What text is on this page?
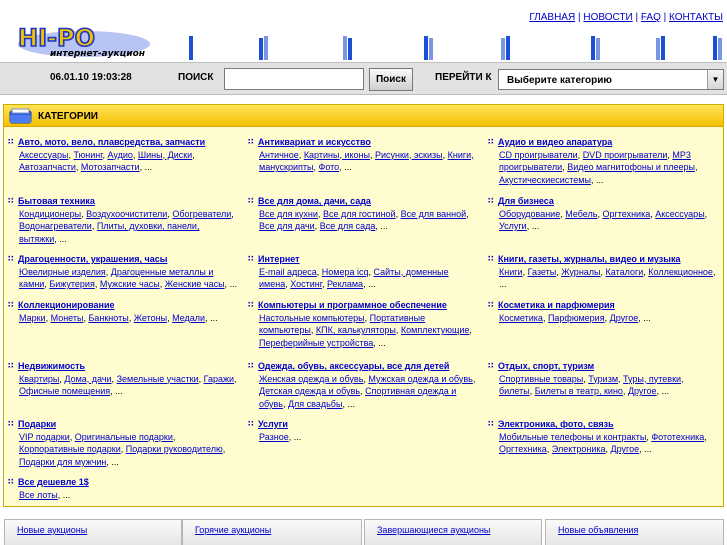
HI-PO
интернет-аукцион
ГЛАВНАЯ | НОВОСТИ | FAQ | КОНТАКТЫ
06.01.10 19:03:28	ПОИСК	Поиск	ПЕРЕЙТИ К Выберите категорию	▼
КАТЕГОРИИ
∷ Авто, мото, вело, плавсредства, запчасти
Аксессуары, Тюнинг, Аудио, Шины, Диски, Автозапчасти, Мотозапчасти, ...
∷ Антиквариат и искусство
Античное, Картины, иконы, Рисунки, эскизы, Книги, манускрипты, Фото, ...
∷ Аудио и видео апаратура
CD проигрыватели, DVD проигрыватели, MP3 проигрыватели, Видео магнитофоны и плееры, Акустическиесистемы, ...
∷ Бытовая техника
Кондиционеры, Воздухоочистители, Обогреватели, Водонагреватели, Плиты, духовки, панели, вытяжки, ...
∷ Все для дома, дачи, сада
Все для кухни, Все для гостиной, Все для ванной, Все для дачи, Все для сада, ...
∷ Для бизнеса
Оборудование, Мебель, Оргтехника, Аксессуары, Услуги, ...
∷ Драгоценности, украшения, часы
Ювелирные изделия, Драгоценные металлы и камни, Бижутерия, Мужские часы, Женские часы, ...
∷ Интернет
E-mail адреса, Номера icq, Сайты, доменные имена, Хостинг, Реклама, ...
∷ Книги, газеты, журналы, видео и музыка
Книги, Газеты, Журналы, Каталоги, Коллекционное, ...
∷ Коллекционирование
Марки, Монеты, Банкноты, Жетоны, Медали, ...
∷ Компьютеры и программное обеспечение
Настольные компьютеры, Портативные компьютеры, КПК, калькуляторы, Комплектующие, Переферийные устройства, ...
∷ Косметика и парфюмерия
Косметика, Парфюмерия, Другое, ...
∷ Недвижимость
Квартиры, Дома, дачи, Земельные участки, Гаражи, Офисные помещения, ...
∷ Одежда, обувь, аксессуары, все для детей
Женская одежда и обувь, Мужская одежда и обувь, Детская одежда и обувь, Спортивная одежда и обувь, Для свадьбы, ...
∷ Отдых, спорт, туризм
Спортивные товары, Туризм, Туры, путевки, билеты, Билеты в театр, кино, Другое, ...
∷ Подарки
VIP подарки, Оригинальные подарки, Корпоративные подарки, Подарки руководителю, Подарки для мужчин, ...
∷ Услуги
Разное, ...
∷ Электроника, фото, связь
Мобильные телефоны и контракты, Фототехника, Оргтехника, Электроника, Другое, ...
∷ Все дешевле 1$
Все лоты, ...
Новые аукционы	Горячие аукционы	Завершающиеся аукционы	Новые объявления
